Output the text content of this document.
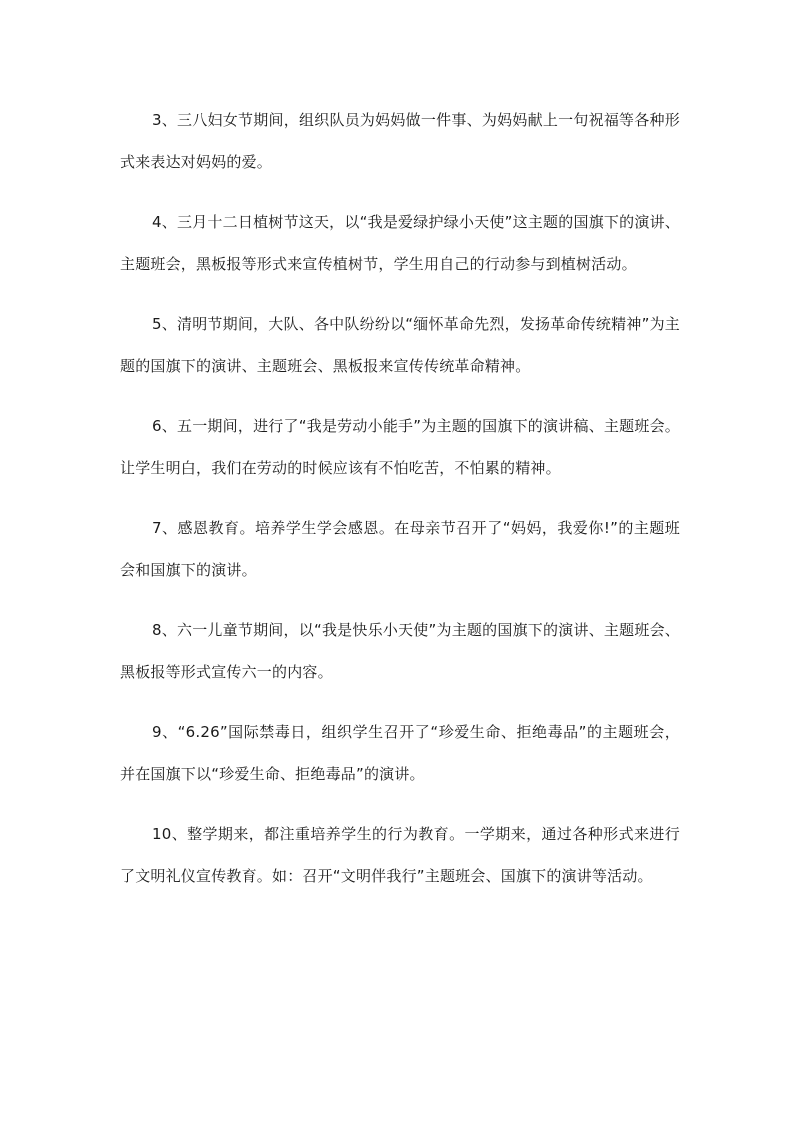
3、三八妇女节期间，组织队员为妈妈做一件事、为妈妈献上一句祝福等各种形式来表达对妈妈的爱。

4、三月十二日植树节这天，以“我是爱绿护绿小天使”这主题的国旗下的演讲、主题班会，黑板报等形式来宣传植树节，学生用自己的行动参与到植树活动。

5、清明节期间，大队、各中队纷纷以“缅怀革命先烈，发扬革命传统精神”为主题的国旗下的演讲、主题班会、黑板报来宣传传统革命精神。

6、五一期间，进行了“我是劳动小能手”为主题的国旗下的演讲稿、主题班会。让学生明白，我们在劳动的时候应该有不怕吃苦，不怕累的精神。

7、感恩教育。培养学生学会感恩。在母亲节召开了“妈妈，我爱你!”的主题班会和国旗下的演讲。

8、六一儿童节期间，以“我是快乐小天使”为主题的国旗下的演讲、主题班会、黑板报等形式宣传六一的内容。

9、“6.26”国际禁毒日，组织学生召开了“珍爱生命、拒绝毒品”的主题班会，并在国旗下以“珍爱生命、拒绝毒品”的演讲。

10、整学期来，都注重培养学生的行为教育。一学期来，通过各种形式来进行了文明礼仪宣传教育。如：召开“文明伴我行”主题班会、国旗下的演讲等活动。
